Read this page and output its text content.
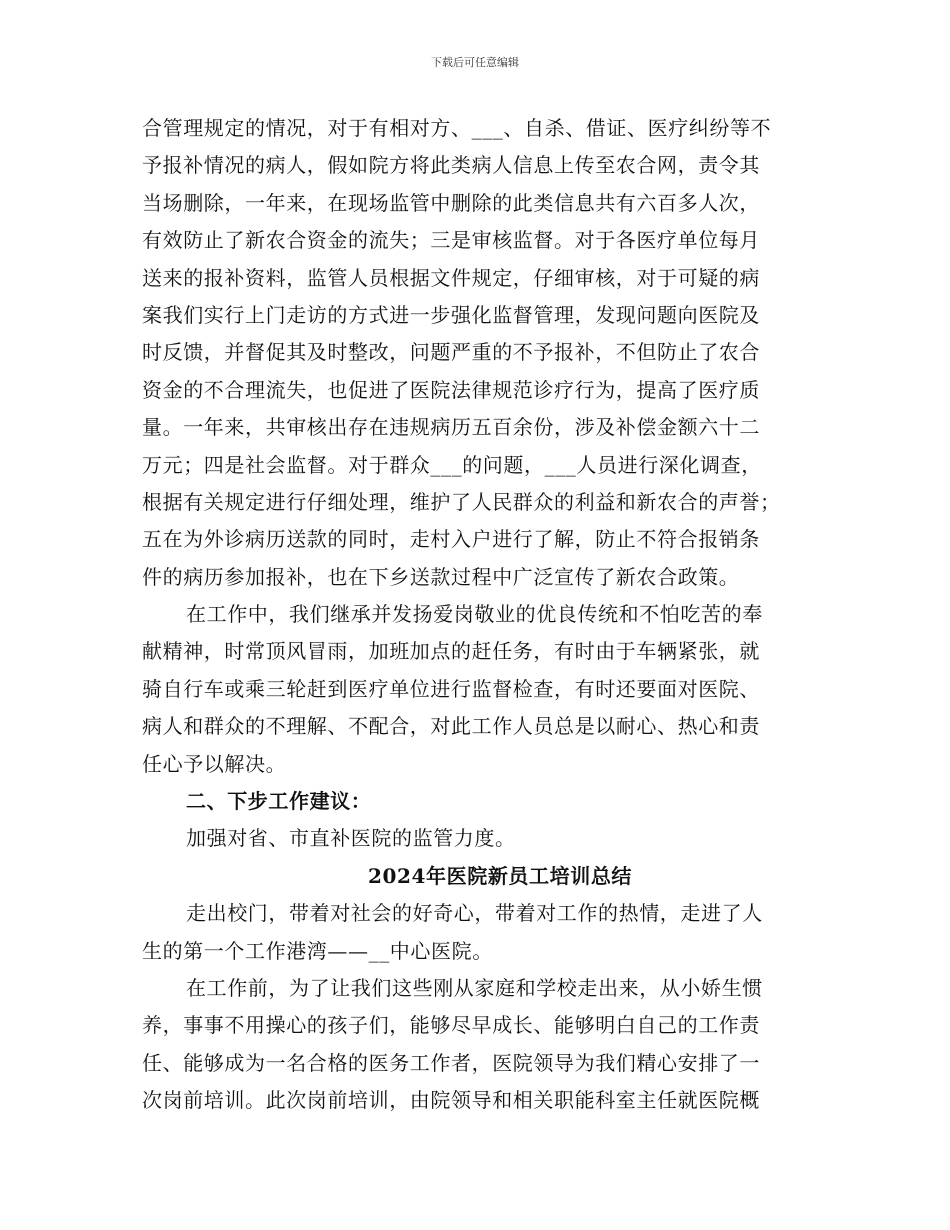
下载后可任意编辑
合管理规定的情况，对于有相对方、___、自杀、借证、医疗纠纷等不
予报补情况的病人，假如院方将此类病人信息上传至农合网，责令其
当场删除，一年来，在现场监管中删除的此类信息共有六百多人次，
有效防止了新农合资金的流失；三是审核监督。对于各医疗单位每月
送来的报补资料，监管人员根据文件规定，仔细审核，对于可疑的病
案我们实行上门走访的方式进一步强化监督管理，发现问题向医院及
时反馈，并督促其及时整改，问题严重的不予报补，不但防止了农合
资金的不合理流失，也促进了医院法律规范诊疗行为，提高了医疗质
量。一年来，共审核出存在违规病历五百余份，涉及补偿金额六十二
万元；四是社会监督。对于群众___的问题，___人员进行深化调查，
根据有关规定进行仔细处理，维护了人民群众的利益和新农合的声誉；
五在为外诊病历送款的同时，走村入户进行了解，防止不符合报销条
件的病历参加报补，也在下乡送款过程中广泛宣传了新农合政策。
在工作中，我们继承并发扬爱岗敬业的优良传统和不怕吃苦的奉
献精神，时常顶风冒雨，加班加点的赶任务，有时由于车辆紧张，就
骑自行车或乘三轮赶到医疗单位进行监督检查，有时还要面对医院、
病人和群众的不理解、不配合，对此工作人员总是以耐心、热心和责
任心予以解决。
二、下步工作建议：
加强对省、市直补医院的监管力度。
2024年医院新员工培训总结
走出校门，带着对社会的好奇心，带着对工作的热情，走进了人
生的第一个工作港湾——__中心医院。
在工作前，为了让我们这些刚从家庭和学校走出来，从小娇生惯
养，事事不用操心的孩子们，能够尽早成长、能够明白自己的工作责
任、能够成为一名合格的医务工作者，医院领导为我们精心安排了一
次岗前培训。此次岗前培训，由院领导和相关职能科室主任就医院概
